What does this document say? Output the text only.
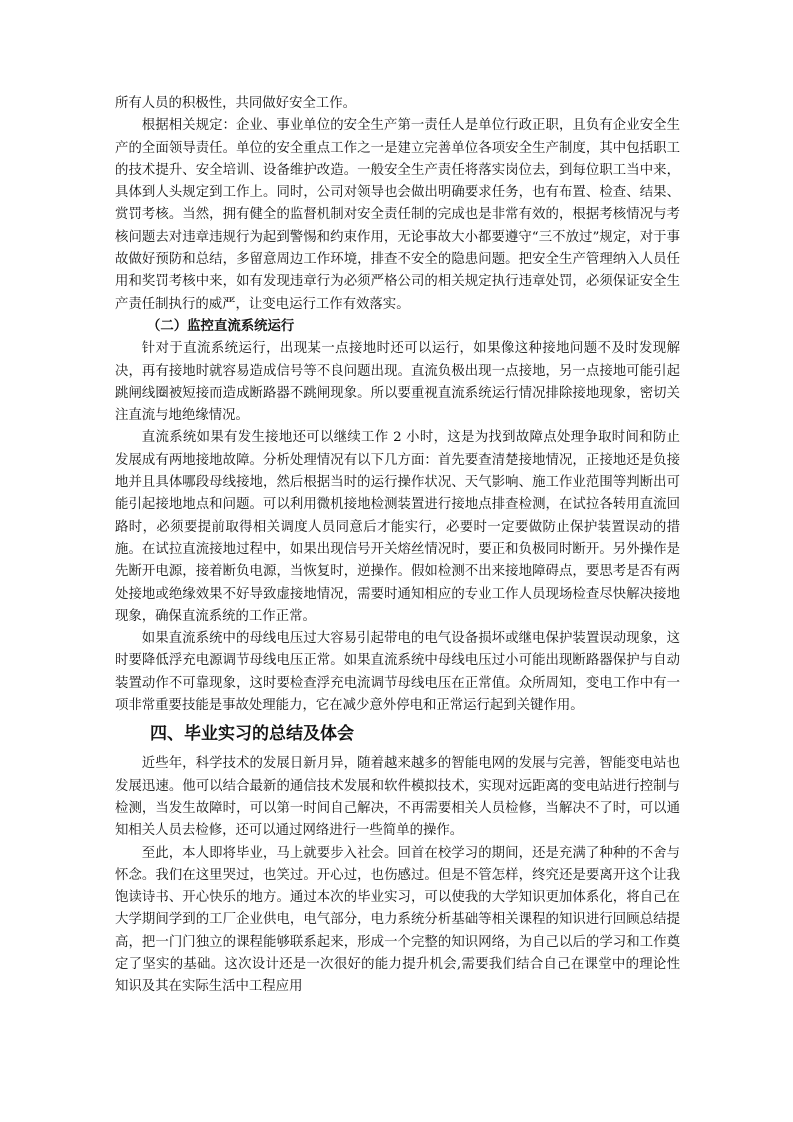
所有人员的积极性，共同做好安全工作。

根据相关规定：企业、事业单位的安全生产第一责任人是单位行政正职，且负有企业安全生产的全面领导责任。单位的安全重点工作之一是建立完善单位各项安全生产制度，其中包括职工的技术提升、安全培训、设备维护改造。一般安全生产责任将落实岗位去，到每位职工当中来，具体到人头规定到工作上。同时，公司对领导也会做出明确要求任务，也有布置、检查、结果、赏罚考核。当然，拥有健全的监督机制对安全责任制的完成也是非常有效的，根据考核情况与考核问题去对违章违规行为起到警惕和约束作用，无论事故大小都要遵守“三不放过”规定，对于事故做好预防和总结，多留意周边工作环境，排查不安全的隐患问题。把安全生产管理纳入人员任用和奖罚考核中来，如有发现违章行为必须严格公司的相关规定执行违章处罚，必须保证安全生产责任制执行的威严，让变电运行工作有效落实。

（二）监控直流系统运行

针对于直流系统运行，出现某一点接地时还可以运行，如果像这种接地问题不及时发现解决，再有接地时就容易造成信号等不良问题出现。直流负极出现一点接地，另一点接地可能引起跳闸线圈被短接而造成断路器不跳闸现象。所以要重视直流系统运行情况排除接地现象，密切关注直流与地绝缘情况。

直流系统如果有发生接地还可以继续工作 2 小时，这是为找到故障点处理争取时间和防止发展成有两地接地故障。分析处理情况有以下几方面：首先要查清楚接地情况，正接地还是负接地并且具体哪段母线接地，然后根据当时的运行操作状况、天气影响、施工作业范围等判断出可能引起接地地点和问题。可以利用微机接地检测装置进行接地点排查检测，在试拉各转用直流回路时，必须要提前取得相关调度人员同意后才能实行，必要时一定要做防止保护装置误动的措施。在试拉直流接地过程中，如果出现信号开关熔丝情况时，要正和负极同时断开。另外操作是先断开电源，接着断负电源，当恢复时，逆操作。假如检测不出来接地障碍点，要思考是否有两处接地或绝缘效果不好导致虚接地情况，需要时通知相应的专业工作人员现场检查尽快解决接地现象，确保直流系统的工作正常。

如果直流系统中的母线电压过大容易引起带电的电气设备损坏或继电保护装置误动现象，这时要降低浮充电源调节母线电压正常。如果直流系统中母线电压过小可能出现断路器保护与自动装置动作不可靠现象，这时要检查浮充电流调节母线电压在正常值。众所周知，变电工作中有一项非常重要技能是事故处理能力，它在减少意外停电和正常运行起到关键作用。

四、毕业实习的总结及体会

近些年，科学技术的发展日新月异，随着越来越多的智能电网的发展与完善，智能变电站也发展迅速。他可以结合最新的通信技术发展和软件模拟技术，实现对远距离的变电站进行控制与检测，当发生故障时，可以第一时间自己解决，不再需要相关人员检修，当解决不了时，可以通知相关人员去检修，还可以通过网络进行一些简单的操作。

至此，本人即将毕业，马上就要步入社会。回首在校学习的期间，还是充满了种种的不舍与怀念。我们在这里哭过，也笑过。开心过，也伤感过。但是不管怎样，终究还是要离开这个让我饱读诗书、开心快乐的地方。通过本次的毕业实习，可以使我的大学知识更加体系化，将自己在大学期间学到的工厂企业供电，电气部分，电力系统分析基础等相关课程的知识进行回顾总结提高，把一门门独立的课程能够联系起来，形成一个完整的知识网络，为自己以后的学习和工作奠定了坚实的基础。这次设计还是一次很好的能力提升机会,需要我们结合自己在课堂中的理论性知识及其在实际生活中工程应用
